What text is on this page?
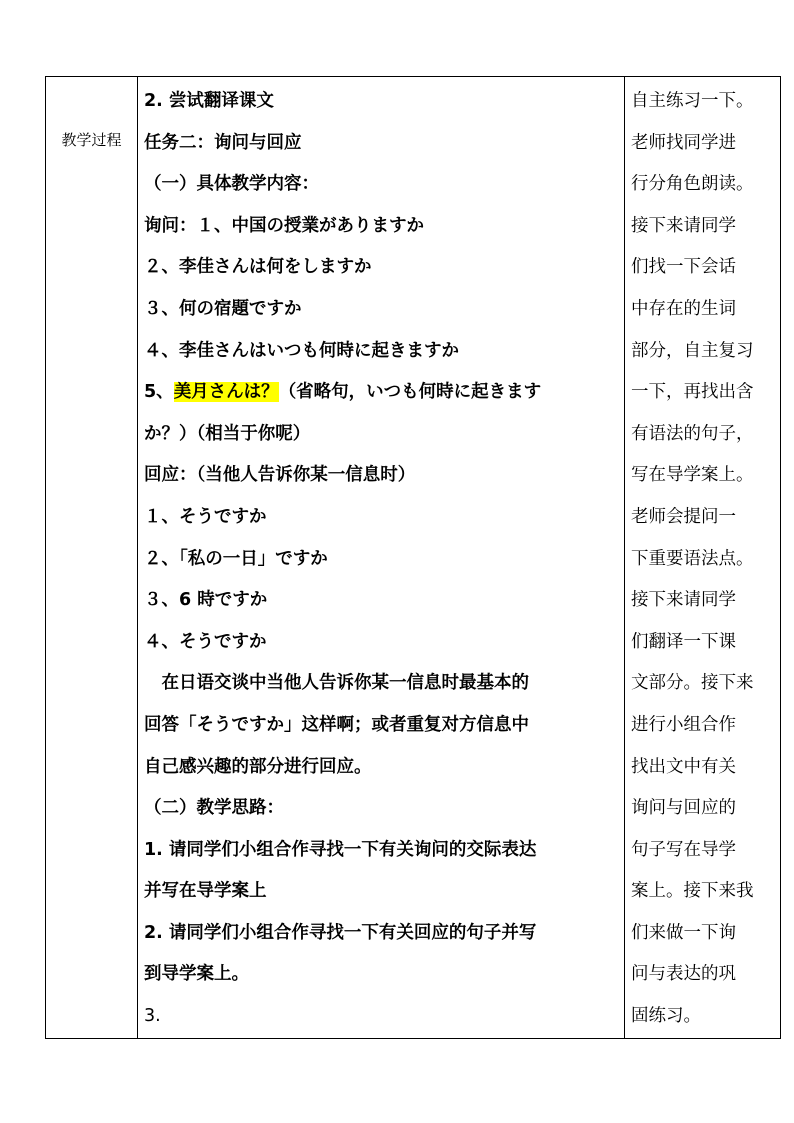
教学过程

2. 尝试翻译课文
任务二：询问与回应
（一）具体教学内容：
询问：１、中国の授業がありますか
２、李佳さんは何をしますか
３、何の宿題ですか
４、李佳さんはいつも何時に起きますか
5、美月さんは？（省略句，いつも何時に起きます
か？）（相当于你呢）
回应：（当他人告诉你某一信息时）
１、そうですか
２、「私の一日」ですか
３、6 時ですか
４、そうですか
　在日语交谈中当他人告诉你某一信息时最基本的
回答「そうですか」这样啊；或者重复对方信息中
自己感兴趣的部分进行回应。
（二）教学思路：
1. 请同学们小组合作寻找一下有关询问的交际表达
并写在导学案上
2. 请同学们小组合作寻找一下有关回应的句子并写
到导学案上。
3.

自主练习一下。
老师找同学进
行分角色朗读。
接下来请同学
们找一下会话
中存在的生词
部分，自主复习
一下，再找出含
有语法的句子，
写在导学案上。
老师会提问一
下重要语法点。
接下来请同学
们翻译一下课
文部分。接下来
进行小组合作
找出文中有关
询问与回应的
句子写在导学
案上。接下来我
们来做一下询
问与表达的巩
固练习。
